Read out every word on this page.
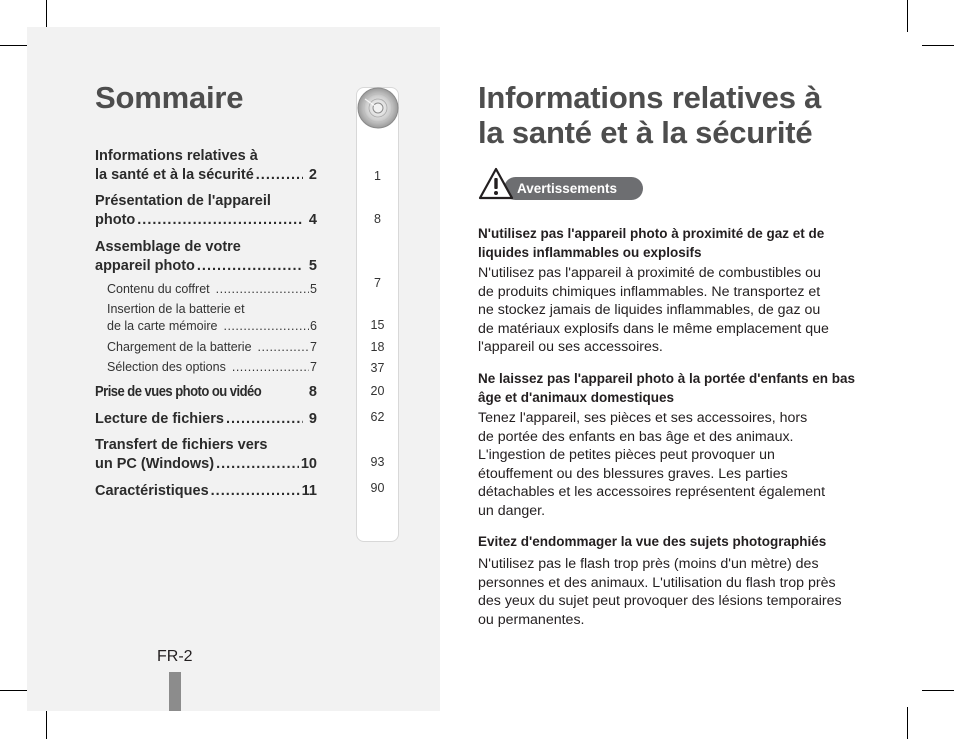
Sommaire
Informations relatives à
la santé et à la sécurité .....	2
Présentation de l'appareil
photo .....	4
Assemblage de votre
appareil photo .....	5
Contenu du coffret .....	5
Insertion de la batterie et
de la carte mémoire .....	6
Chargement de la batterie .....	7
Sélection des options .....	7
Prise de vues photo ou vidéo	8
Lecture de fichiers .....	9
Transfert de fichiers vers
un PC (Windows) .....	10
Caractéristiques .....	11
1
8
7
15
18
37
20
62
93
90
FR-2
Informations relatives à
la santé et à la sécurité
Avertissements
N'utilisez pas l'appareil photo à proximité de gaz et de liquides inflammables ou explosifs
N'utilisez pas l'appareil à proximité de combustibles ou
de produits chimiques inflammables. Ne transportez et
ne stockez jamais de liquides inflammables, de gaz ou
de matériaux explosifs dans le même emplacement que
l'appareil ou ses accessoires.
Ne laissez pas l'appareil photo à la portée d'enfants en bas âge et d'animaux domestiques
Tenez l'appareil, ses pièces et ses accessoires, hors
de portée des enfants en bas âge et des animaux.
L'ingestion de petites pièces peut provoquer un
étouffement ou des blessures graves. Les parties
détachables et les accessoires représentent également
un danger.
Evitez d'endommager la vue des sujets photographiés
N'utilisez pas le flash trop près (moins d'un mètre) des
personnes et des animaux. L'utilisation du flash trop près
des yeux du sujet peut provoquer des lésions temporaires
ou permanentes.
